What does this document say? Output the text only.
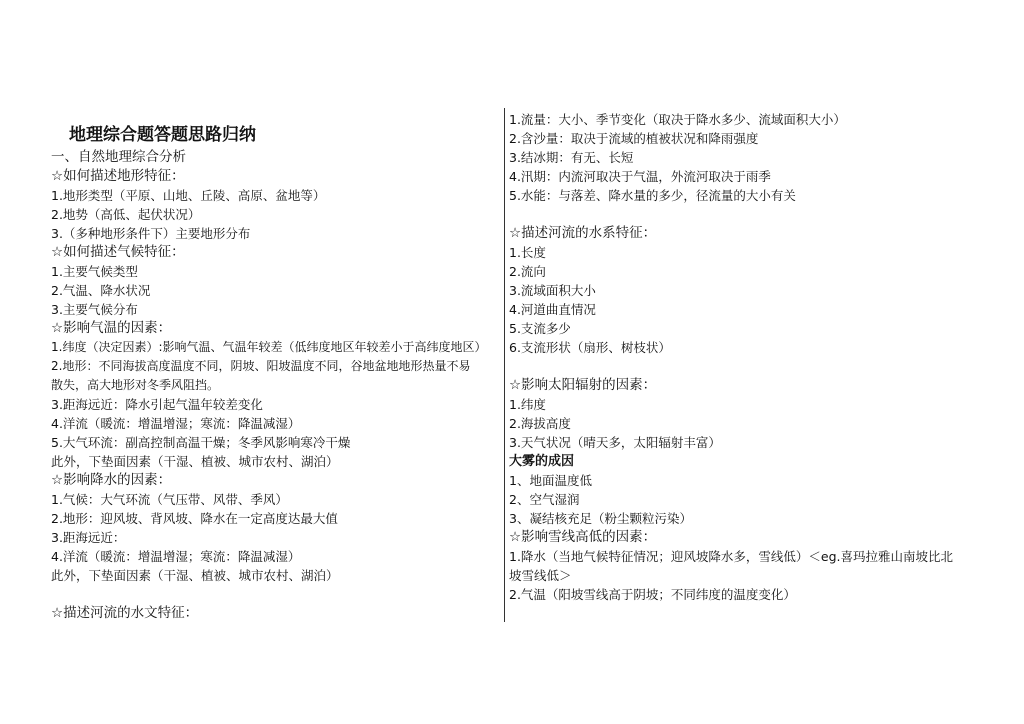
地理综合题答题思路归纳
一、自然地理综合分析
☆如何描述地形特征：
1.地形类型（平原、山地、丘陵、高原、盆地等）
2.地势（高低、起伏状况）
3.（多种地形条件下）主要地形分布
☆如何描述气候特征：
1.主要气候类型
2.气温、降水状况
3.主要气候分布
☆影响气温的因素：
1.纬度（决定因素）:影响气温、气温年较差（低纬度地区年较差小于高纬度地区）
2.地形：不同海拔高度温度不同，阴坡、阳坡温度不同，谷地盆地地形热量不易
散失，高大地形对冬季风阻挡。
3.距海远近：降水引起气温年较差变化
4.洋流（暖流：增温增湿；寒流：降温减湿）
5.大气环流：副高控制高温干燥；冬季风影响寒冷干燥
此外，下垫面因素（干湿、植被、城市农村、湖泊）
☆影响降水的因素：
1.气候：大气环流（气压带、风带、季风）
2.地形：迎风坡、背风坡、降水在一定高度达最大值
3.距海远近：
4.洋流（暖流：增温增湿；寒流：降温减湿）
此外，下垫面因素（干湿、植被、城市农村、湖泊）
☆描述河流的水文特征：
1.流量：大小、季节变化（取决于降水多少、流域面积大小）
2.含沙量：取决于流域的植被状况和降雨强度
3.结冰期：有无、长短
4.汛期：内流河取决于气温，外流河取决于雨季
5.水能：与落差、降水量的多少，径流量的大小有关
☆描述河流的水系特征：
1.长度
2.流向
3.流域面积大小
4.河道曲直情况
5.支流多少
6.支流形状（扇形、树枝状）
☆影响太阳辐射的因素：
1.纬度
2.海拔高度
3.天气状况（晴天多，太阳辐射丰富）
大雾的成因
1、地面温度低
2、空气湿润
3、凝结核充足（粉尘颗粒污染）
☆影响雪线高低的因素：
1.降水（当地气候特征情况；迎风坡降水多，雪线低）＜eg.喜玛拉雅山南坡比北
坡雪线低＞
2.气温（阳坡雪线高于阴坡；不同纬度的温度变化）
